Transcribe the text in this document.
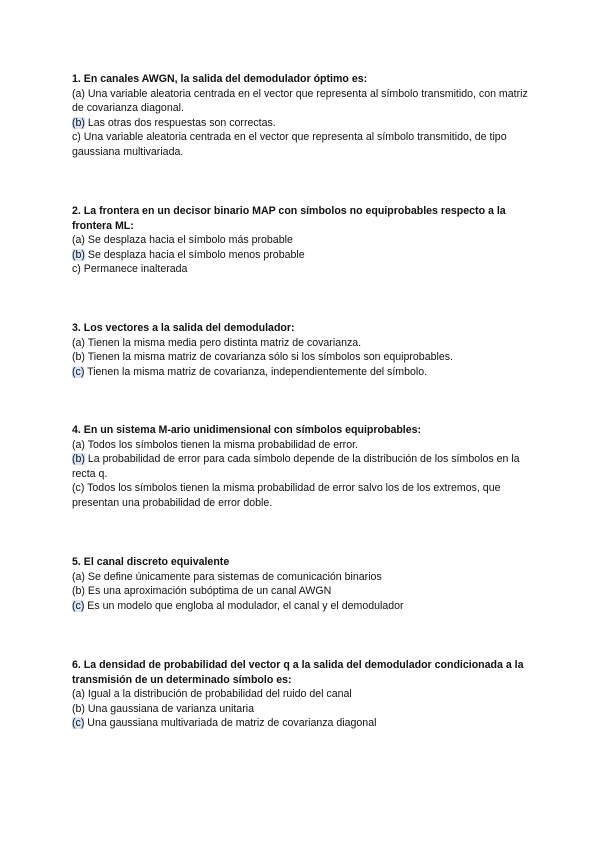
1. En canales AWGN, la salida del demodulador óptimo es:

(a) Una variable aleatoria centrada en el vector que representa al símbolo transmitido, con matriz de covarianza diagonal.

(b) Las otras dos respuestas son correctas.

c) Una variable aleatoria centrada en el vector que representa al símbolo transmitido, de tipo gaussiana multivariada.

2. La frontera en un decisor binario MAP con símbolos no equiprobables respecto a la frontera ML:

(a) Se desplaza hacia el símbolo más probable

(b) Se desplaza hacia el símbolo menos probable

c) Permanece inalterada

3. Los vectores a la salida del demodulador:

(a) Tienen la misma media pero distinta matriz de covarianza.

(b) Tienen la misma matriz de covarianza sólo si los símbolos son equiprobables.

(c) Tienen la misma matriz de covarianza, independientemente del símbolo.

4. En un sistema M-ario unidimensional con símbolos equiprobables:

(a) Todos los símbolos tienen la misma probabilidad de error.

(b) La probabilidad de error para cada símbolo depende de la distribución de los símbolos en la recta q.

(c) Todos los símbolos tienen la misma probabilidad de error salvo los de los extremos, que presentan una probabilidad de error doble.

5. El canal discreto equivalente

(a) Se define únicamente para sistemas de comunicación binarios

(b) Es una aproximación subóptima de un canal AWGN

(c) Es un modelo que engloba al modulador, el canal y el demodulador

6. La densidad de probabilidad del vector q a la salida del demodulador condicionada a la transmisión de un determinado símbolo es:

(a) Igual a la distribución de probabilidad del ruido del canal

(b) Una gaussiana de varianza unitaria

(c) Una gaussiana multivariada de matriz de covarianza diagonal
